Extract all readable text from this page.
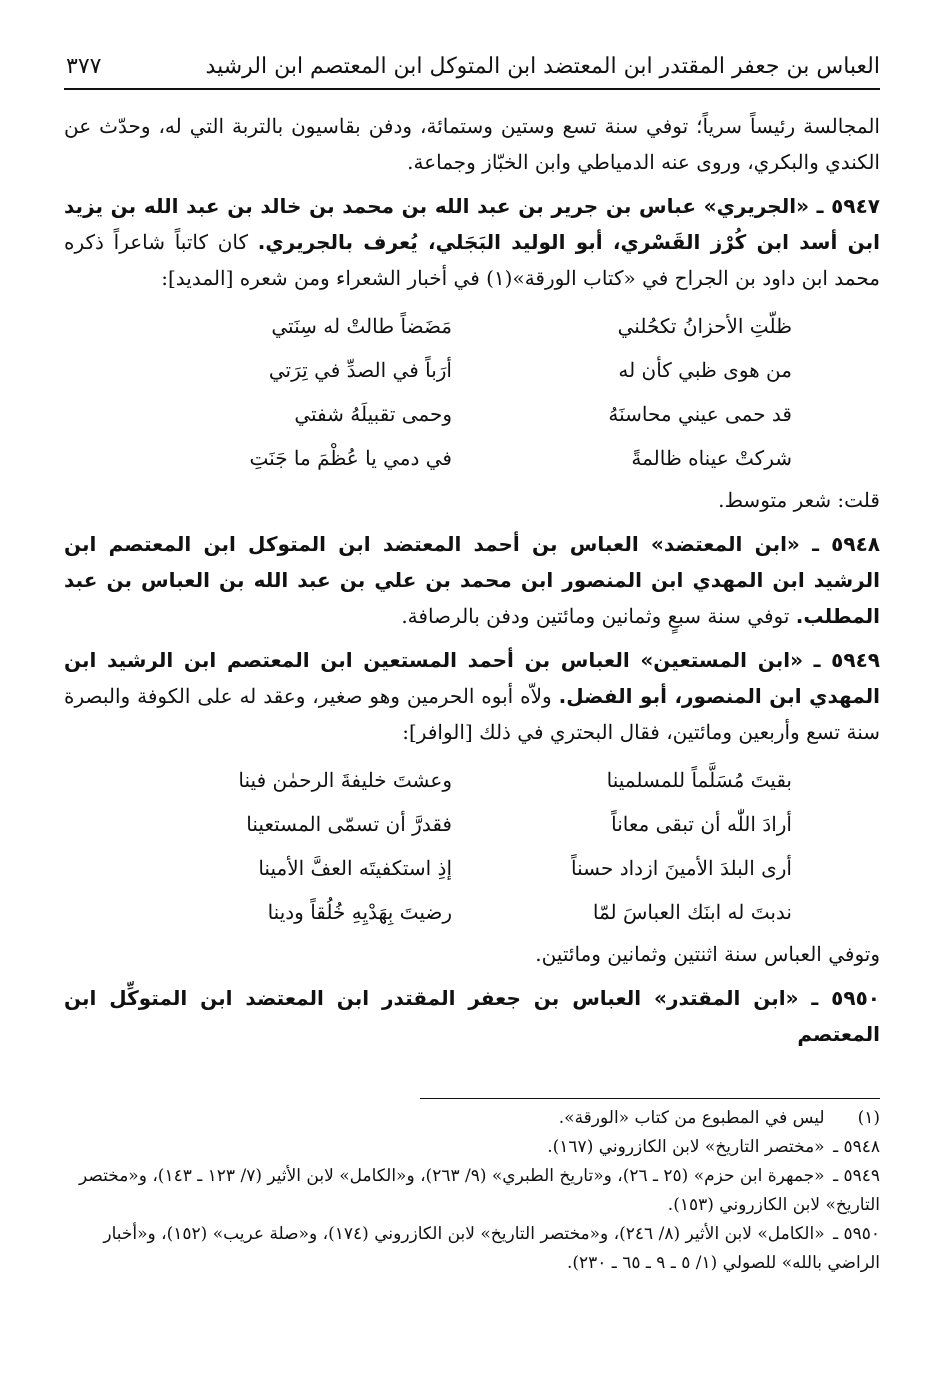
العباس بن جعفر المقتدر ابن المعتضد ابن المتوكل ابن المعتصم ابن الرشيد
٣٧٧

المجالسة رئيساً سرياً؛ توفي سنة تسع وستين وستمائة، ودفن بقاسيون بالتربة التي له، وحدّث عن الكندي والبكري، وروى عنه الدمياطي وابن الخبّاز وجماعة.

٥٩٤٧ ـ «الجريري» عباس بن جرير بن عبد الله بن محمد بن خالد بن عبد الله بن يزيد ابن أسد ابن كُرْز القَسْري، أبو الوليد البَجَلي، يُعرف بالجريري. كان كاتباً شاعراً ذكره محمد ابن داود بن الجراح في «كتاب الورقة»(١) في أخبار الشعراء ومن شعره [المديد]:

ظلّتِ الأحزانُ تكحُلني
مَضَضاً طالتْ له سِنَتي
من هوى ظبي كأن له
أرَباً في الصدِّ في تِرَتي
قد حمى عيني محاسنَهُ
وحمى تقبيلَهُ شفتي
شركتْ عيناه ظالمةً
في دمي يا عُظْمَ ما جَنَتِ

قلت: شعر متوسط.

٥٩٤٨ ـ «ابن المعتضد» العباس بن أحمد المعتضد ابن المتوكل ابن المعتصم ابن الرشيد ابن المهدي ابن المنصور ابن محمد بن علي بن عبد الله بن العباس بن عبد المطلب. توفي سنة سبعٍ وثمانين ومائتين ودفن بالرصافة.

٥٩٤٩ ـ «ابن المستعين» العباس بن أحمد المستعين ابن المعتصم ابن الرشيد ابن المهدي ابن المنصور، أبو الفضل. ولاّه أبوه الحرمين وهو صغير، وعقد له على الكوفة والبصرة سنة تسع وأربعين ومائتين، فقال البحتري في ذلك [الوافر]:

بقيتَ مُسَلَّماً للمسلمينا
وعشتَ خليفةَ الرحمٰن فينا
أرادَ اللّٰه أن تبقى معاناً
فقدرَّ أن تسمّى المستعينا
أرى البلدَ الأمينَ ازداد حسناً
إذِ استكفيتَه العفَّ الأمينا
ندبتَ له ابنَك العباسَ لمّا
رضيتَ بِهَدْيِهِ خُلُقاً ودينا

وتوفي العباس سنة اثنتين وثمانين ومائتين.

٥٩٥٠ ـ «ابن المقتدر» العباس بن جعفر المقتدر ابن المعتضد ابن المتوكِّل ابن المعتصم

(١) ليس في المطبوع من كتاب «الورقة».
٥٩٤٨ ـ «مختصر التاريخ» لابن الكازروني (١٦٧).
٥٩٤٩ ـ «جمهرة ابن حزم» (٢٥ ـ ٢٦)، و«تاريخ الطبري» (٩/ ٢٦٣)، و«الكامل» لابن الأثير (٧/ ١٢٣ ـ ١٤٣)، و«مختصر التاريخ» لابن الكازروني (١٥٣).
٥٩٥٠ ـ «الكامل» لابن الأثير (٨/ ٢٤٦)، و«مختصر التاريخ» لابن الكازروني (١٧٤)، و«صلة عريب» (١٥٢)، و«أخبار الراضي بالله» للصولي (١/ ٥ ـ ٩ ـ ٦٥ ـ ٢٣٠).
